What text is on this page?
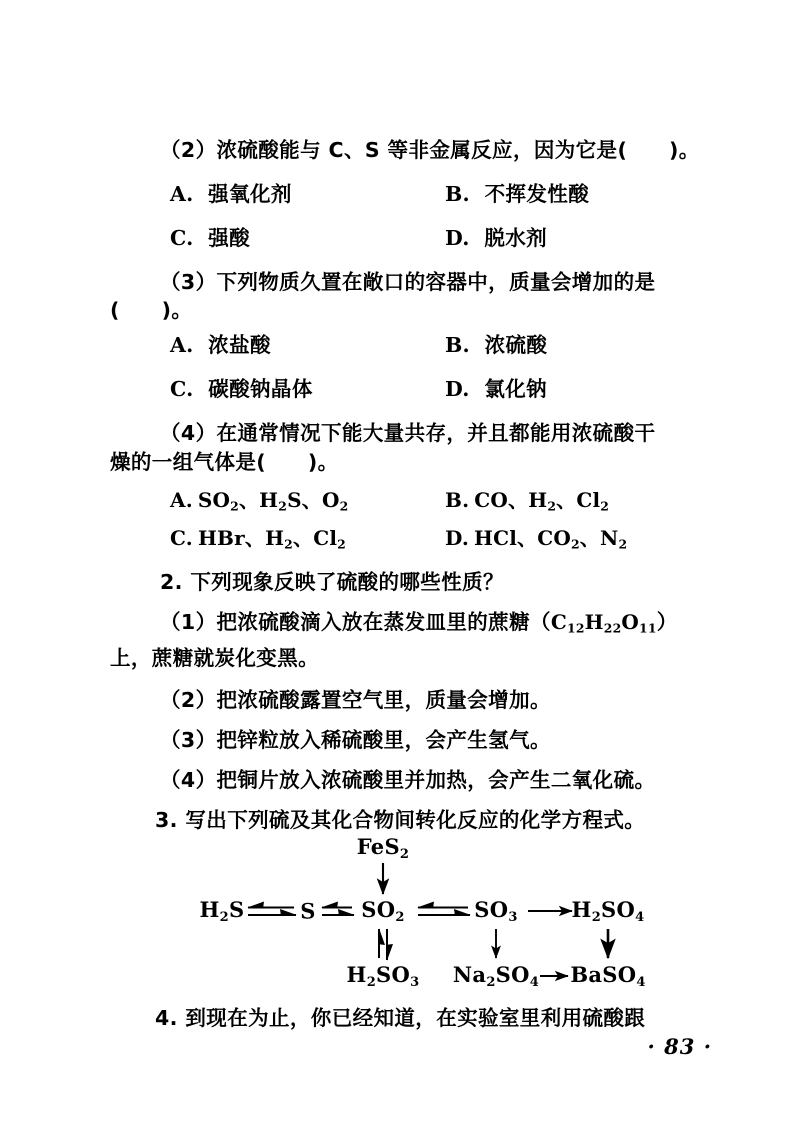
（2）浓硫酸能与 C、S 等非金属反应，因为它是(　　)。
A. 强氧化剂	B. 不挥发性酸
C. 强酸	D. 脱水剂
（3）下列物质久置在敞口的容器中，质量会增加的是
(　　)。
A. 浓盐酸	B. 浓硫酸
C. 碳酸钠晶体	D. 氯化钠
（4）在通常情况下能大量共存，并且都能用浓硫酸干
燥的一组气体是(　　)。
A. $SO_2$、$H_2S$、$O_2$	B. CO、$H_2$、$Cl_2$
C. HBr、$H_2$、$Cl_2$	D. HCl、$CO_2$、$N_2$
2. 下列现象反映了硫酸的哪些性质？
（1）把浓硫酸滴入放在蒸发皿里的蔗糖$(C_{12}H_{22}O_{11})$
上，蔗糖就炭化变黑。
（2）把浓硫酸露置空气里，质量会增加。
（3）把锌粒放入稀硫酸里，会产生氢气。
（4）把铜片放入浓硫酸里并加热，会产生二氧化硫。
3. 写出下列硫及其化合物间转化反应的化学方程式。
FeS$_2$
$H_2S$	S $SO_2$	$SO_3$	$H_2SO_4$
$H_2SO_3$ $Na_2SO_4$ BaSO$_4$
4. 到现在为止，你已经知道，在实验室里利用硫酸跟
· 83 ·
